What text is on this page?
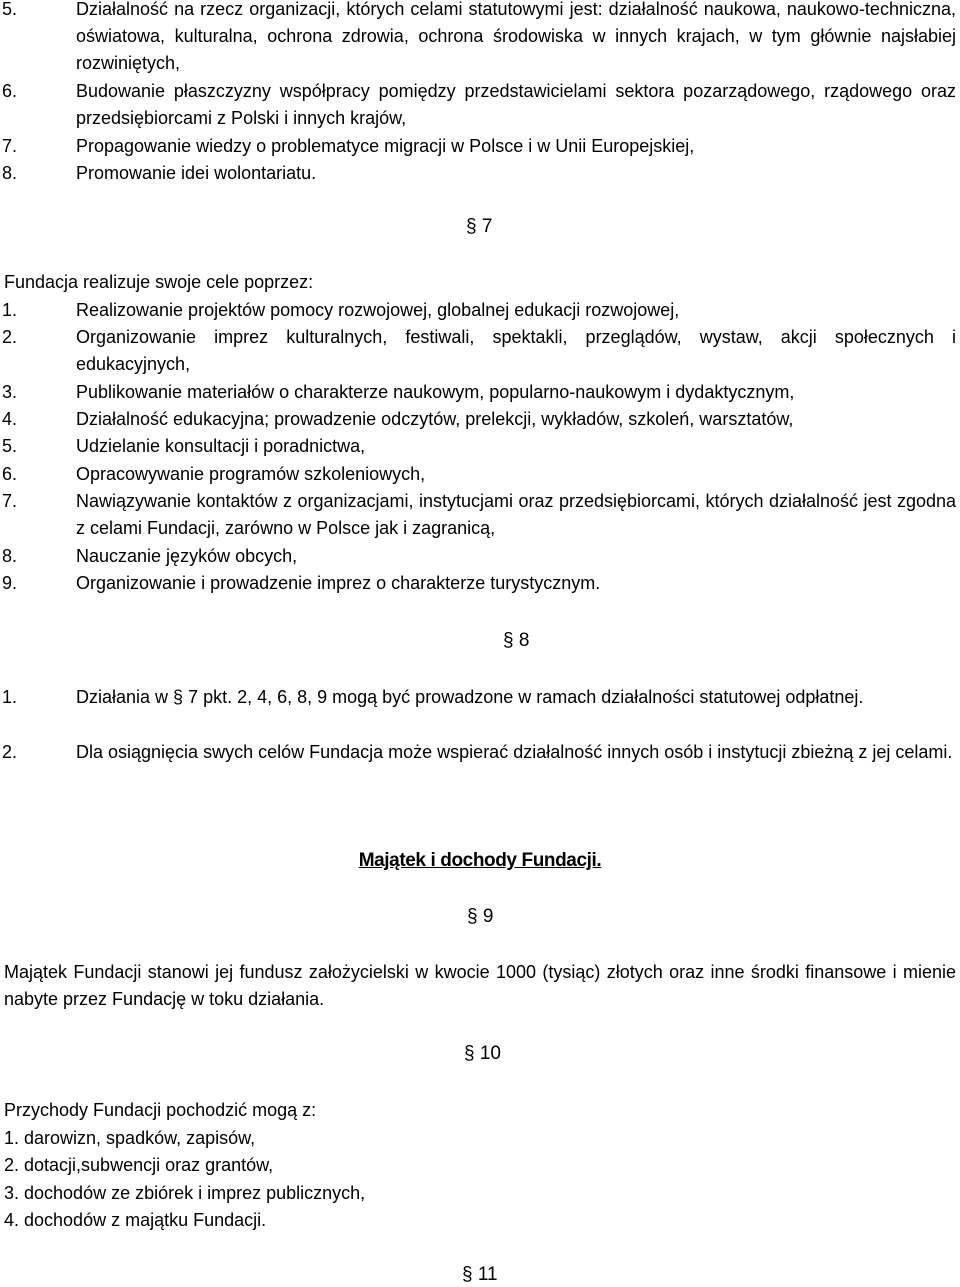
5.	Działalność na rzecz organizacji, których celami statutowymi jest: działalność naukowa, naukowo-techniczna, oświatowa, kulturalna, ochrona zdrowia, ochrona środowiska w innych krajach, w tym głównie najsłabiej rozwiniętych,
6.	Budowanie płaszczyzny współpracy pomiędzy przedstawicielami sektora pozarządowego, rządowego oraz przedsiębiorcami z Polski i innych krajów,
7.	Propagowanie wiedzy o problematyce migracji w Polsce i w Unii Europejskiej,
8.	Promowanie idei wolontariatu.
§ 7
Fundacja realizuje swoje cele poprzez:
1.	Realizowanie projektów pomocy rozwojowej, globalnej edukacji rozwojowej,
2.	Organizowanie imprez kulturalnych, festiwali, spektakli, przeglądów, wystaw, akcji społecznych i edukacyjnych,
3.	Publikowanie materiałów o charakterze naukowym, popularno-naukowym i dydaktycznym,
4.	Działalność edukacyjna; prowadzenie odczytów, prelekcji, wykładów, szkoleń, warsztatów,
5.	Udzielanie konsultacji i poradnictwa,
6.	Opracowywanie programów szkoleniowych,
7.	Nawiązywanie kontaktów z organizacjami, instytucjami oraz przedsiębiorcami, których działalność jest zgodna z celami Fundacji, zarówno w Polsce jak i zagranicą,
8.	Nauczanie języków obcych,
9.	Organizowanie i prowadzenie imprez o charakterze turystycznym.
§ 8
1.	Działania w § 7 pkt. 2, 4, 6, 8, 9 mogą być prowadzone w ramach działalności statutowej odpłatnej.
2.	Dla osiągnięcia swych celów Fundacja może wspierać działalność innych osób i instytucji zbieżną z jej celami.
Majątek i dochody Fundacji.
§ 9
Majątek Fundacji stanowi jej fundusz założycielski w kwocie 1000 (tysiąc) złotych oraz inne środki finansowe i mienie nabyte przez Fundację w toku działania.
§ 10
Przychody Fundacji pochodzić mogą z:
1. darowizn, spadków, zapisów,
2. dotacji,subwencji oraz grantów,
3. dochodów ze zbiórek i imprez publicznych,
4. dochodów z majątku Fundacji.
§ 11
